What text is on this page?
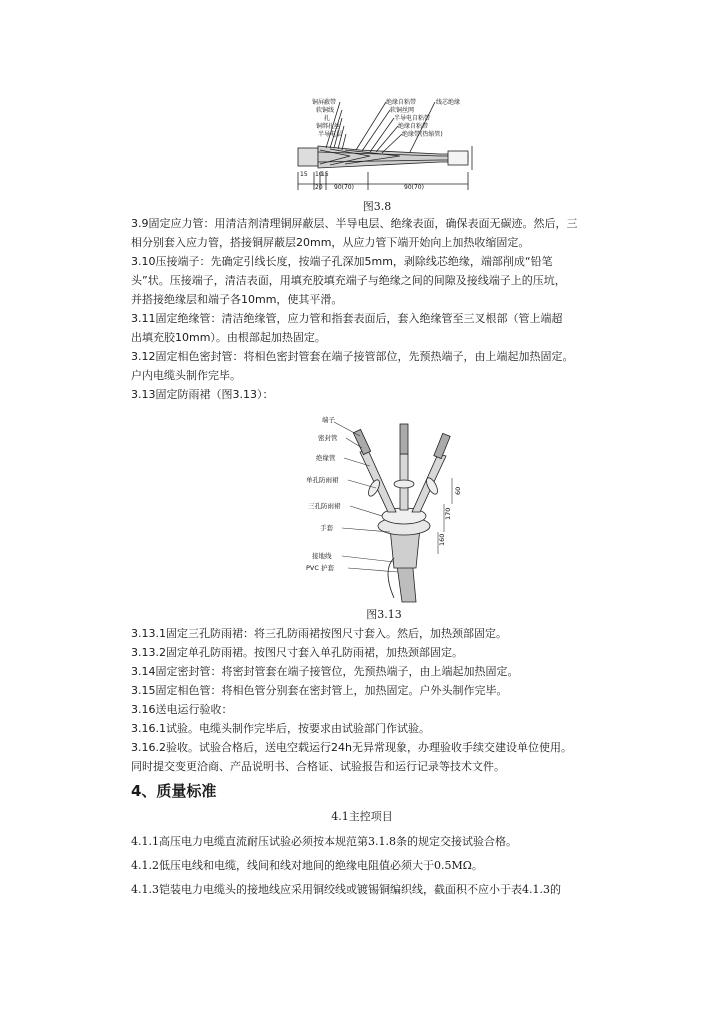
铜屏蔽带
软铜线
扎
铜绑扎丝
半导电层
绝缘自粘带
软铜丝网
线芯绝缘
半导电自粘带
绝缘自粘带
绝缘带(热缩管)
15 10
15
20 90(70)	90(70)
图3.8
3.9固定应力管：用清洁剂清理铜屏蔽层、半导电层、绝缘表面，确保表面无碳迹。然后，三
相分别套入应力管，搭接铜屏蔽层20mm，从应力管下端开始向上加热收缩固定。
3.10压接端子：先确定引线长度，按端子孔深加5mm，剥除线芯绝缘，端部削成“铅笔
头”状。压接端子，清洁表面，用填充胶填充端子与绝缘之间的间隙及接线端子上的压坑，
并搭接绝缘层和端子各10mm，使其平滑。
3.11固定绝缘管：清洁绝缘管，应力管和指套表面后，套入绝缘管至三叉根部（管上端超
出填充胶10mm）。由根部起加热固定。
3.12固定相色密封管：将相色密封管套在端子接管部位，先预热端子，由上端起加热固定。
户内电缆头制作完毕。
3.13固定防雨裙（图3.13）：
端子
密封管
绝缘管
单孔防雨裙
三孔防雨裙
手套
接地线
PVC 护套
60
170
160
图3.13
3.13.1固定三孔防雨裙：将三孔防雨裙按图尺寸套入。然后，加热颈部固定。
3.13.2固定单孔防雨裙。按图尺寸套入单孔防雨裙，加热颈部固定。
3.14固定密封管：将密封管套在端子接管位，先预热端子，由上端起加热固定。
3.15固定相色管：将相色管分别套在密封管上，加热固定。户外头制作完毕。
3.16送电运行验收：
3.16.1试验。电缆头制作完毕后，按要求由试验部门作试验。
3.16.2验收。试验合格后，送电空载运行24h无异常现象，办理验收手续交建设单位使用。
同时提交变更洽商、产品说明书、合格证、试验报告和运行记录等技术文件。
4、质量标准
4.1主控项目
4.1.1高压电力电缆直流耐压试验必须按本规范第3.1.8条的规定交接试验合格。
4.1.2低压电线和电缆，线间和线对地间的绝缘电阻值必须大于0.5MΩ。
4.1.3铠装电力电缆头的接地线应采用铜绞线或镀锡铜编织线，截面积不应小于表4.1.3的
